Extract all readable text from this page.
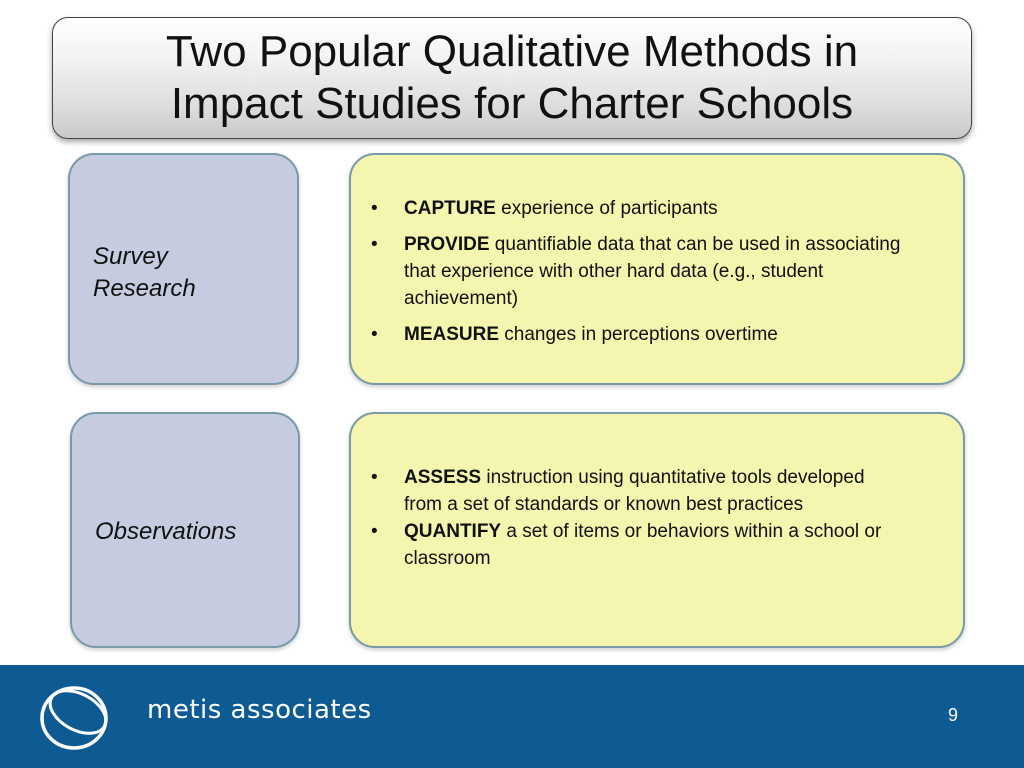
Two Popular Qualitative Methods in
Impact Studies for Charter Schools
Survey
Research
• CAPTURE experience of participants
• PROVIDE quantifiable data that can be used in associating that experience with other hard data (e.g., student achievement)
• MEASURE changes in perceptions overtime
Observations
• ASSESS instruction using quantitative tools developed from a set of standards or known best practices
• QUANTIFY a set of items or behaviors within a school or classroom
metis associates	9
